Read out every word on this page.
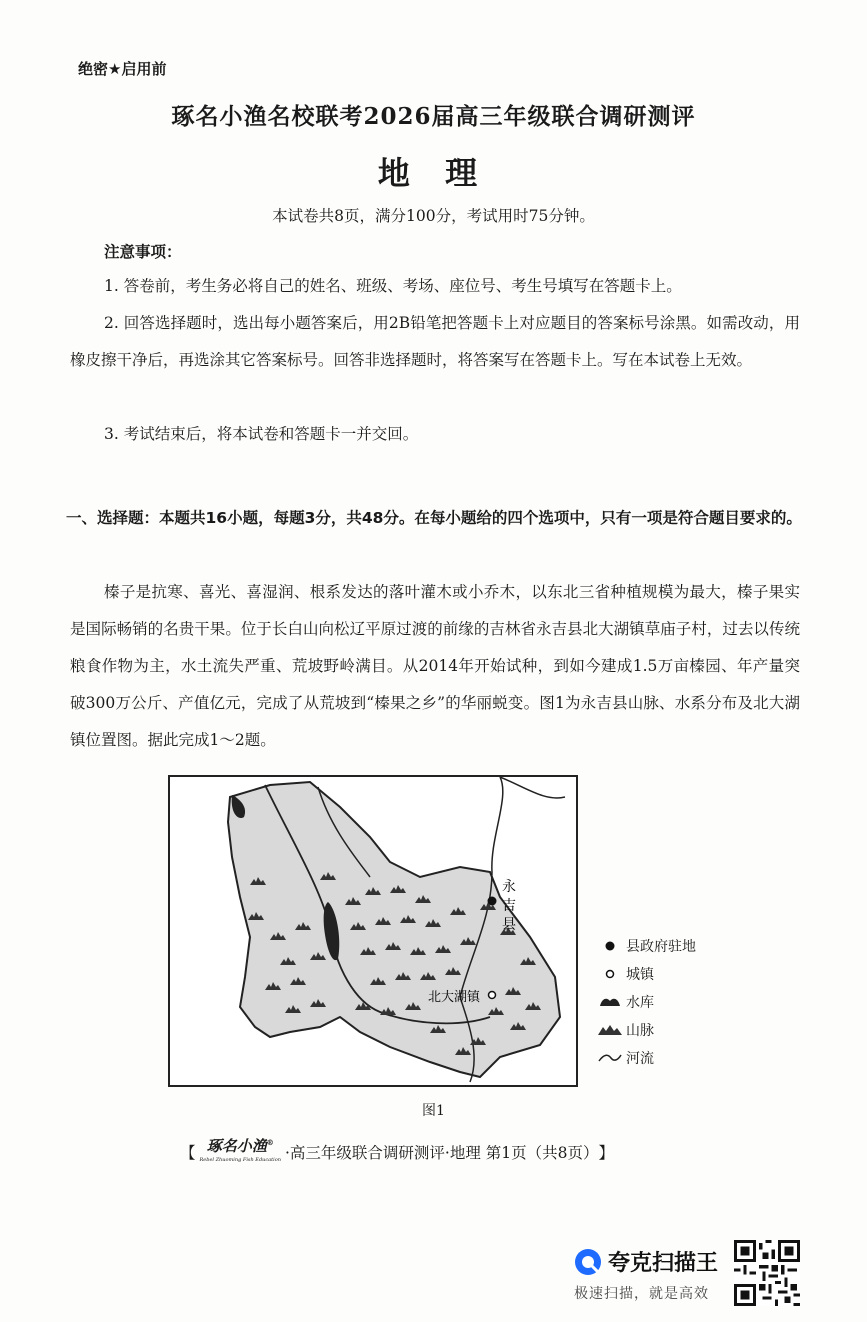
绝密★启用前
琢名小渔名校联考2026届高三年级联合调研测评
地 理
本试卷共8页，满分100分，考试用时75分钟。
注意事项：
1. 答卷前，考生务必将自己的姓名、班级、考场、座位号、考生号填写在答题卡上。
2. 回答选择题时，选出每小题答案后，用2B铅笔把答题卡上对应题目的答案标号涂黑。如需改动，用橡皮擦干净后，再选涂其它答案标号。回答非选择题时，将答案写在答题卡上。写在本试卷上无效。
3. 考试结束后，将本试卷和答题卡一并交回。
一、选择题：本题共16小题，每题3分，共48分。在每小题给的四个选项中，只有一项是符合题目要求的。
榛子是抗寒、喜光、喜湿润、根系发达的落叶灌木或小乔木，以东北三省种植规模为最大，榛子果实是国际畅销的名贵干果。位于长白山向松辽平原过渡的前缘的吉林省永吉县北大湖镇草庙子村，过去以传统粮食作物为主，水土流失严重、荒坡野岭满目。从2014年开始试种，到如今建成1.5万亩榛园、年产量突破300万公斤、产值亿元，完成了从荒坡到“榛果之乡”的华丽蜕变。图1为永吉县山脉、水系分布及北大湖镇位置图。据此完成1～2题。
永
吉
县
北大湖镇
县政府驻地
城镇
水库
山脉
河流
图1
【 琢名小渔®
Rebel Zhuoming Fish Education ·高三年级联合调研测评·地理 第1页（共8页） 】
夸克扫描王
极速扫描，就是高效
